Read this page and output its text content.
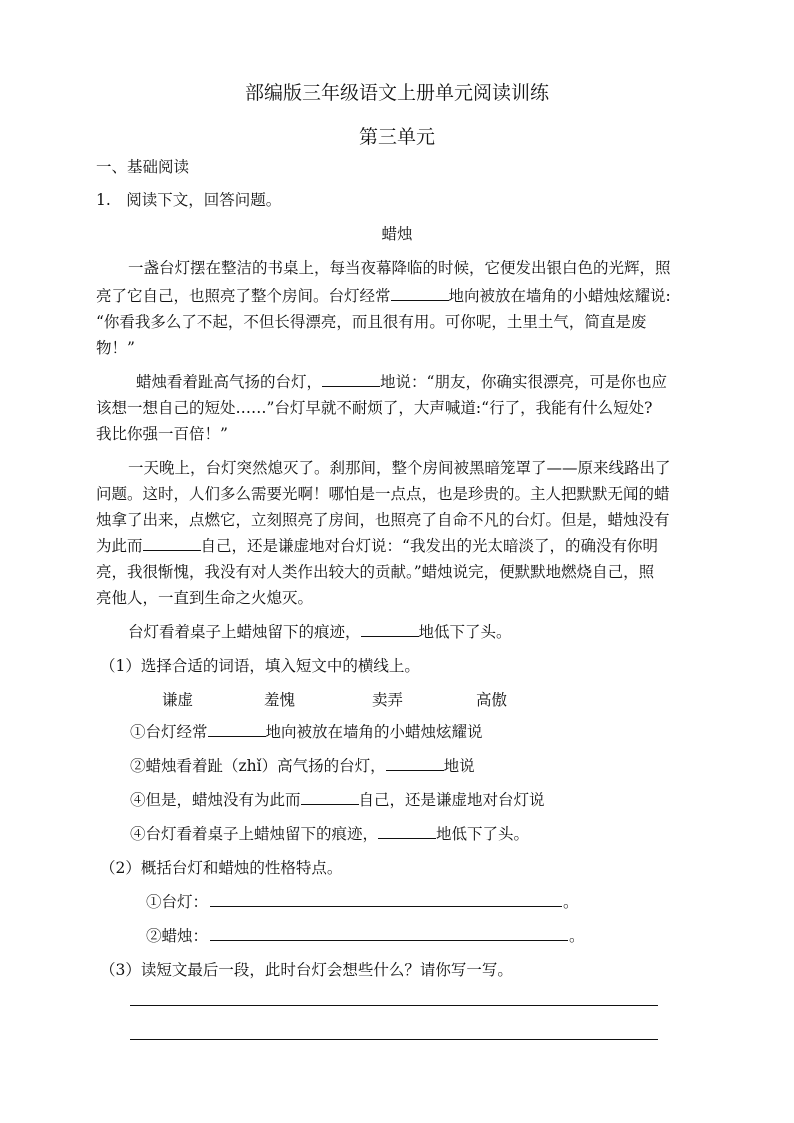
部编版三年级语文上册单元阅读训练
第三单元
一、基础阅读
1.　阅读下文，回答问题。
蜡烛
一盏台灯摆在整洁的书桌上，每当夜幕降临的时候，它便发出银白色的光辉，照
亮了它自己，也照亮了整个房间。台灯经常	地向被放在墙角的小蜡烛炫耀说:
“你看我多么了不起，不但长得漂亮，而且很有用。可你呢，土里土气，简直是废
物！”
蜡烛看着趾高气扬的台灯，	地说：“朋友，你确实很漂亮，可是你也应
该想一想自己的短处……”台灯早就不耐烦了，大声喊道:“行了，我能有什么短处?
我比你强一百倍！”
一天晚上，台灯突然熄灭了。刹那间，整个房间被黑暗笼罩了——原来线路出了
问题。这时，人们多么需要光啊！哪怕是一点点，也是珍贵的。主人把默默无闻的蜡
烛拿了出来，点燃它，立刻照亮了房间，也照亮了自命不凡的台灯。但是，蜡烛没有
为此而	自己，还是谦虚地对台灯说：“我发出的光太暗淡了，的确没有你明
亮，我很惭愧，我没有对人类作出较大的贡献。”蜡烛说完，便默默地燃烧自己，照
亮他人，一直到生命之火熄灭。
台灯看着桌子上蜡烛留下的痕迹，	地低下了头。
（1）选择合适的词语，填入短文中的横线上。
谦虚	羞愧	卖弄	高傲
①台灯经常	地向被放在墙角的小蜡烛炫耀说
②蜡烛看着趾（zhǐ）高气扬的台灯，	地说
④但是，蜡烛没有为此而	自己，还是谦虚地对台灯说
④台灯看着桌子上蜡烛留下的痕迹，	地低下了头。
（2）概括台灯和蜡烛的性格特点。
①台灯：	。
②蜡烛：	。
（3）读短文最后一段，此时台灯会想些什么？请你写一写。
